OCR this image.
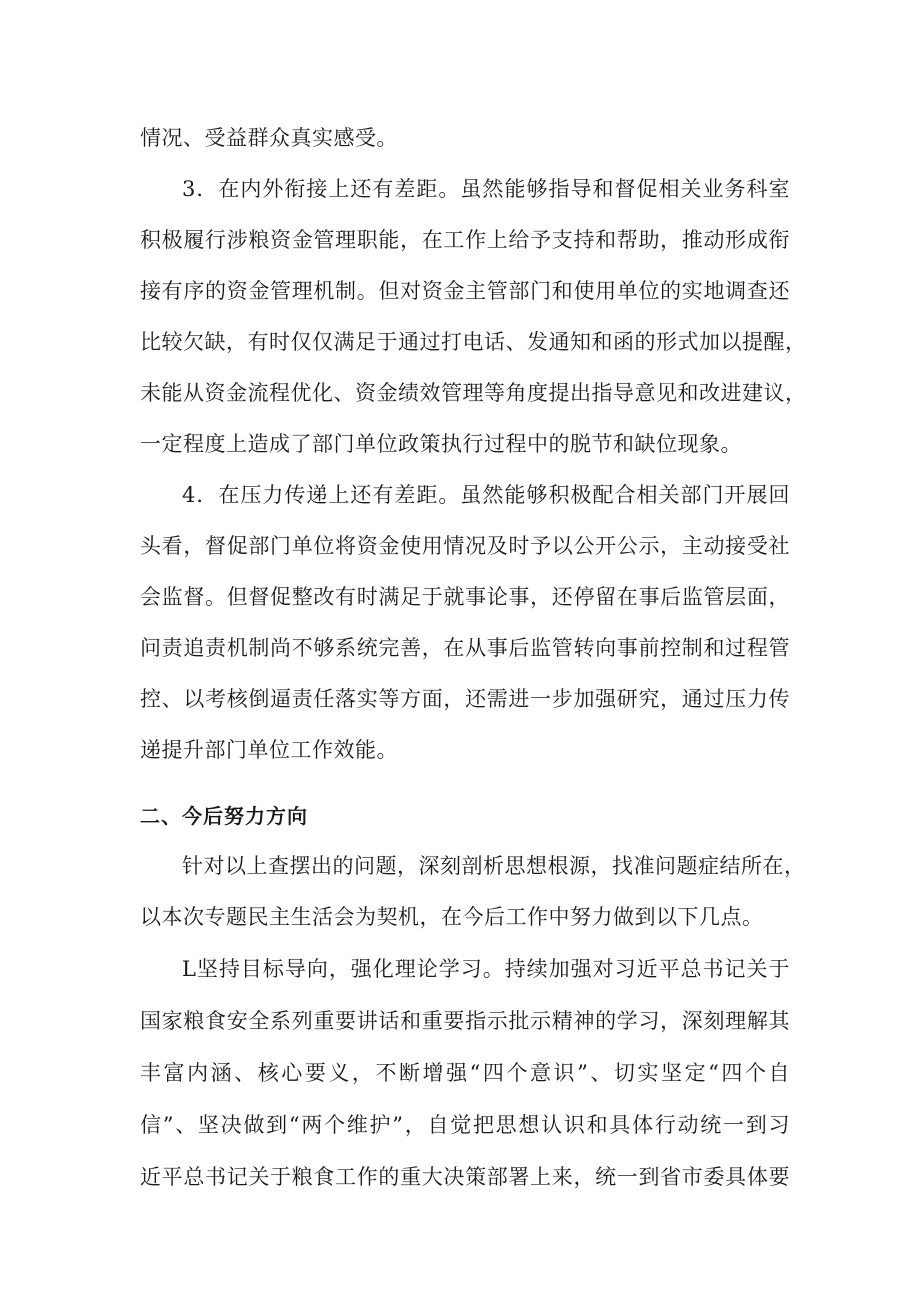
情况、受益群众真实感受。
3．在内外衔接上还有差距。虽然能够指导和督促相关业务科室
积极履行涉粮资金管理职能，在工作上给予支持和帮助，推动形成衔
接有序的资金管理机制。但对资金主管部门和使用单位的实地调查还
比较欠缺，有时仅仅满足于通过打电话、发通知和函的形式加以提醒，
未能从资金流程优化、资金绩效管理等角度提出指导意见和改进建议，
一定程度上造成了部门单位政策执行过程中的脱节和缺位现象。
4．在压力传递上还有差距。虽然能够积极配合相关部门开展回
头看，督促部门单位将资金使用情况及时予以公开公示，主动接受社
会监督。但督促整改有时满足于就事论事，还停留在事后监管层面，
问责追责机制尚不够系统完善，在从事后监管转向事前控制和过程管
控、以考核倒逼责任落实等方面，还需进一步加强研究，通过压力传
递提升部门单位工作效能。
二、今后努力方向
针对以上查摆出的问题，深刻剖析思想根源，找准问题症结所在，
以本次专题民主生活会为契机，在今后工作中努力做到以下几点。
L坚持目标导向，强化理论学习。持续加强对习近平总书记关于
国家粮食安全系列重要讲话和重要指示批示精神的学习，深刻理解其
丰富内涵、核心要义，不断增强“四个意识”、切实坚定“四个自
信”、坚决做到“两个维护”，自觉把思想认识和具体行动统一到习
近平总书记关于粮食工作的重大决策部署上来，统一到省市委具体要
